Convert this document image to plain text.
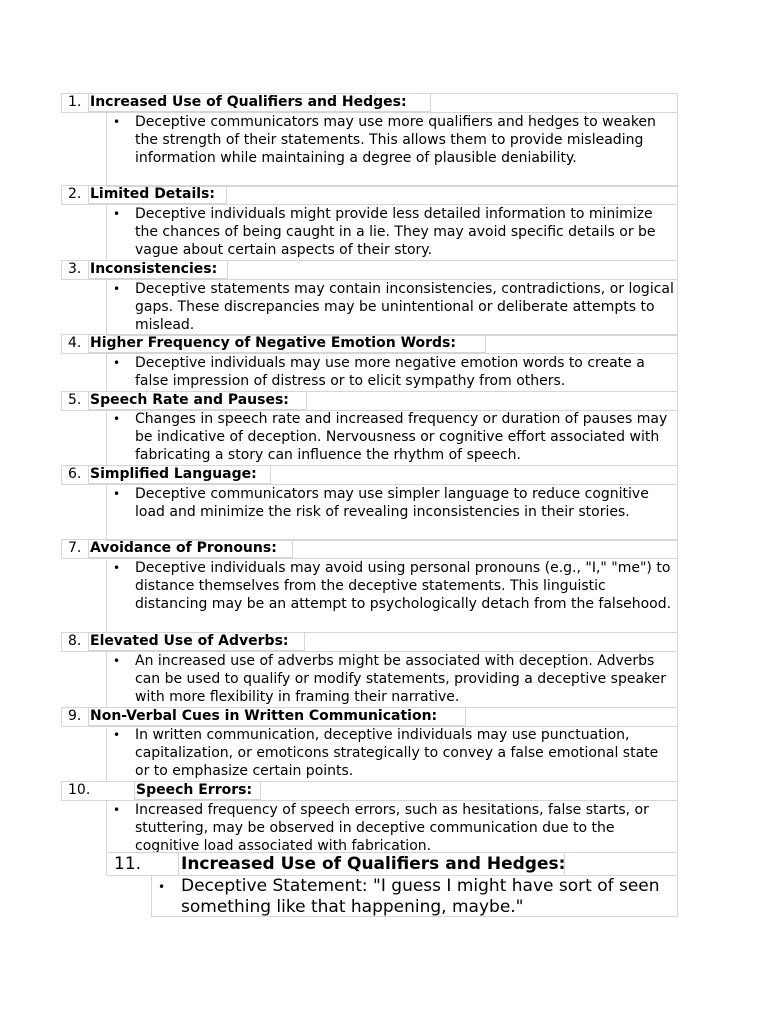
1. Increased Use of Qualifiers and Hedges:
• Deceptive communicators may use more qualifiers and hedges to weaken the strength of their statements. This allows them to provide misleading information while maintaining a degree of plausible deniability.
2. Limited Details:
• Deceptive individuals might provide less detailed information to minimize the chances of being caught in a lie. They may avoid specific details or be vague about certain aspects of their story.
3. Inconsistencies:
• Deceptive statements may contain inconsistencies, contradictions, or logical gaps. These discrepancies may be unintentional or deliberate attempts to mislead.
4. Higher Frequency of Negative Emotion Words:
• Deceptive individuals may use more negative emotion words to create a false impression of distress or to elicit sympathy from others.
5. Speech Rate and Pauses:
• Changes in speech rate and increased frequency or duration of pauses may be indicative of deception. Nervousness or cognitive effort associated with fabricating a story can influence the rhythm of speech.
6. Simplified Language:
• Deceptive communicators may use simpler language to reduce cognitive load and minimize the risk of revealing inconsistencies in their stories.
7. Avoidance of Pronouns:
• Deceptive individuals may avoid using personal pronouns (e.g., "I," "me") to distance themselves from the deceptive statements. This linguistic distancing may be an attempt to psychologically detach from the falsehood.
8. Elevated Use of Adverbs:
• An increased use of adverbs might be associated with deception. Adverbs can be used to qualify or modify statements, providing a deceptive speaker with more flexibility in framing their narrative.
9. Non-Verbal Cues in Written Communication:
• In written communication, deceptive individuals may use punctuation, capitalization, or emoticons strategically to convey a false emotional state or to emphasize certain points.
10.	Speech Errors:
• Increased frequency of speech errors, such as hesitations, false starts, or stuttering, may be observed in deceptive communication due to the cognitive load associated with fabrication.
11. Increased Use of Qualifiers and Hedges:
• Deceptive Statement: "I guess I might have sort of seen something like that happening, maybe."
